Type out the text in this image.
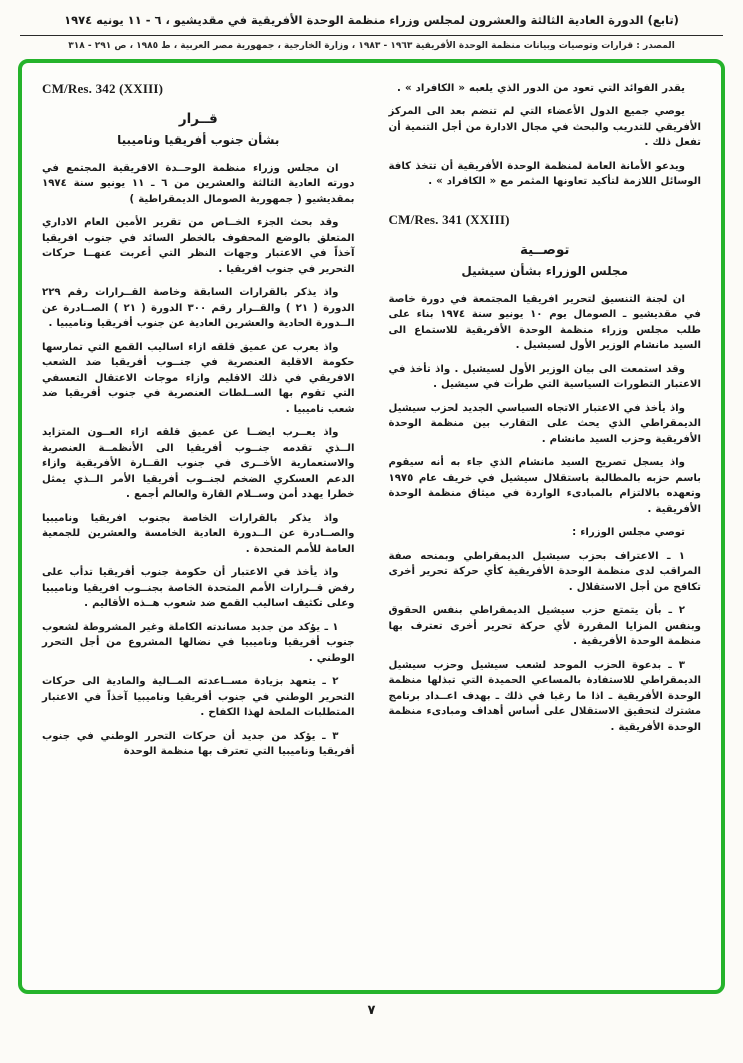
(تابع) الدورة العادية الثالثة والعشرون لمجلس وزراء منظمة الوحدة الأفريقية في مقديشيو ، ٦ - ١١ يونيه ١٩٧٤
المصدر : قرارات وتوصيات وبيانات منظمة الوحدة الأفريقية ١٩٦٣ - ١٩٨٣ ، وزارة الخارجية ، جمهورية مصر العربية ، ط ١٩٨٥ ، ص ٢٩١ - ٣١٨

يقدر الفوائد التي تعود من الدور الذي يلعبه « الكافراد » .

يوصي جميع الدول الأعضاء التي لم تنضم بعد الى المركز الأفريقي للتدريب والبحث في مجال الادارة من أجل التنمية أن تفعل ذلك .

ويدعو الأمانة العامة لمنظمة الوحدة الأفريقية أن تتخذ كافة الوسائل اللازمة لتأكيد تعاونها المثمر مع « الكافراد » .

CM/Res. 341 (XXIII)
توصــية
مجلس الوزراء بشأن سيشيل

ان لجنة التنسيق لتحرير افريقيا المجتمعة في دورة خاصة في مقديشيو ـ الصومال يوم ١٠ يونيو سنة ١٩٧٤ بناء على طلب مجلس وزراء منظمة الوحدة الأفريقية للاستماع الى السيد مانشام الوزير الأول لسيشيل .

وقد استمعت الى بيان الوزير الأول لسيشيل . واذ تأخذ في الاعتبار التطورات السياسية التي طرأت في سيشيل .

واذ يأخذ في الاعتبار الاتجاه السياسي الجديد لحزب سيشيل الديمقراطي الذي يحث على التقارب بين منظمة الوحدة الأفريقية وحزب السيد مانشام .

واذ يسجل تصريح السيد مانشام الذي جاء به أنه سيقوم باسم حزبه بالمطالبة باستقلال سيشيل في خريف عام ١٩٧٥ وتعهده بالالتزام بالمبادىء الواردة في ميثاق منظمة الوحدة الأفريقية .

توصي مجلس الوزراء :

١ ـ الاعتراف بحزب سيشيل الديمقراطي وبمنحه صفة المراقب لدى منظمة الوحدة الأفريقية كأي حركة تحرير أخرى تكافح من أجل الاستقلال .

٢ ـ بأن يتمتع حزب سيشيل الديمقراطي بنفس الحقوق وبنفس المزايا المقررة لأي حركة تحرير أخرى تعترف بها منظمة الوحدة الأفريقية .

٣ ـ بدعوة الحزب الموحد لشعب سيشيل وحزب سيشيل الديمقراطي للاستفادة بالمساعي الحميدة التي تبذلها منظمة الوحدة الأفريقية ـ اذا ما رغبا في ذلك ـ بهدف اعــداد برنامج مشترك لتحقيق الاستقلال على أساس أهداف ومبادىء منظمة الوحدة الأفريقية .

CM/Res. 342 (XXIII)
قــرار
بشأن جنوب أفريقيا وناميبيا

ان مجلس وزراء منظمة الوحــدة الافريقية المجتمع في دورته العادية الثالثة والعشرين من ٦ ـ ١١ يونيو سنة ١٩٧٤ بمقديشيو ( جمهورية الصومال الديمقراطية )

وقد بحث الجزء الخــاص من تقرير الأمين العام الاداري المتعلق بالوضع المحفوف بالخطر السائد في جنوب افريقيا آخذاً في الاعتبار وجهات النظر التي أعربت عنهــا حركات التحرير في جنوب افريقيا .

واذ يذكر بالقرارات السابقة وخاصة القــرارات رقم ٢٢٩ الدورة ( ٢١ ) والقــرار رقم ٣٠٠ الدورة ( ٢١ ) الصــادرة عن الــدورة الحادية والعشرين العادية عن جنوب أفريقيا وناميبيا .

واذ يعرب عن عميق قلقه ازاء اساليب القمع التي تمارسها حكومة الاقلية العنصرية في جنــوب أفريقيا ضد الشعب الافريقي في ذلك الاقليم وازاء موجات الاعتقال التعسفي التي تقوم بها الســلطات العنصرية في جنوب أفريقيا ضد شعب ناميبيا .

واذ يعــرب ايضــا عن عميق قلقه ازاء العــون المتزايد الــذي تقدمه جنــوب أفريقيا الى الأنظمــة العنصرية والاستعمارية الأخــرى في جنوب القــارة الأفريقية وازاء الدعم العسكري الضخم لجنــوب أفريقيا الأمر الــذي يمثل خطرا يهدد أمن وســلام القارة والعالم أجمع .

واذ يذكر بالقرارات الخاصة بجنوب افريقيا وناميبيا والصــادرة عن الــدورة العادية الخامسة والعشرين للجمعية العامة للأمم المتحدة .

واذ يأخذ في الاعتبار أن حكومة جنوب أفريقيا تدأب على رفض قــرارات الأمم المتحدة الخاصة بجنــوب افريقيا وناميبيا وعلى تكثيف اساليب القمع ضد شعوب هــذه الأقاليم .

١ ـ يؤكد من جديد مساندته الكاملة وغير المشروطة لشعوب جنوب أفريقيا وناميبيا في نضالها المشروع من أجل التحرر الوطني .

٢ ـ يتعهد بزيادة مســاعدته المــالية والمادية الى حركات التحرير الوطني في جنوب أفريقيا وناميبيا آخذاً في الاعتبار المتطلبات الملحة لهذا الكفاح .

٣ ـ يؤكد من جديد أن حركات التحرر الوطني في جنوب أفريقيا وناميبيا التي تعترف بها منظمة الوحدة

٧
